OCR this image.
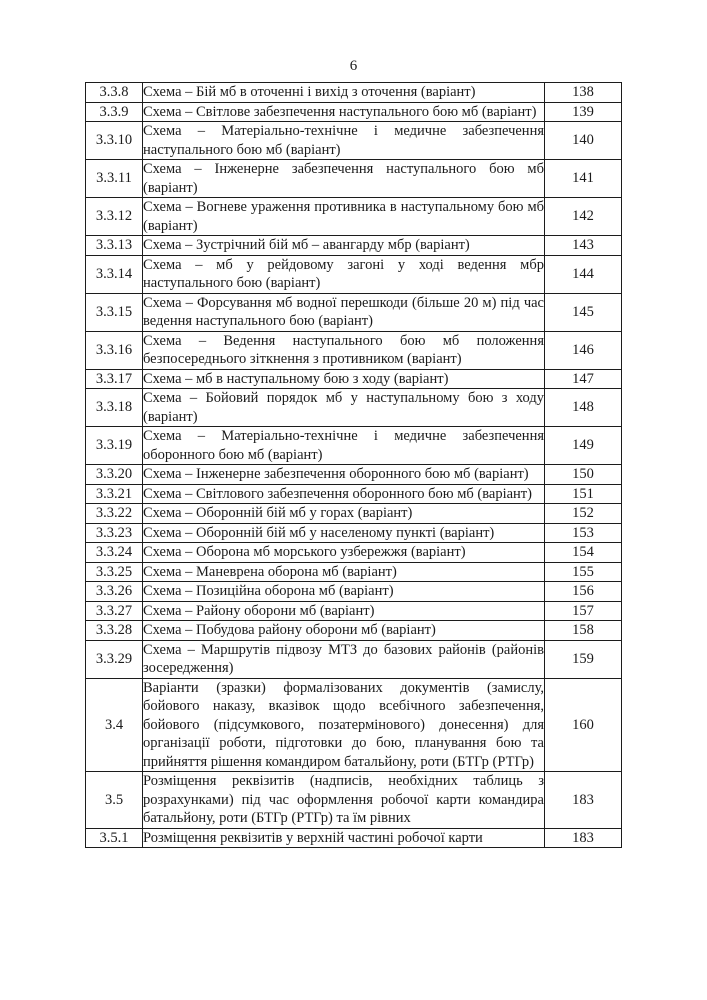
6
3.3.8	Схема – Бій мб в оточенні і вихід з оточення (варіант)	138
3.3.9	Схема – Світлове забезпечення наступального бою мб (варіант)	139
3.3.10	Схема – Матеріально-технічне і медичне забезпечення наступального бою мб (варіант)	140
3.3.11	Схема – Інженерне забезпечення наступального бою мб (варіант)	141
3.3.12	Схема – Вогневе ураження противника в наступальному бою мб (варіант)	142
3.3.13	Схема – Зустрічний бій мб – авангарду мбр (варіант)	143
3.3.14	Схема – мб у рейдовому загоні у ході ведення мбр наступального бою (варіант)	144
3.3.15	Схема – Форсування мб водної перешкоди (більше 20 м) під час ведення наступального бою (варіант)	145
3.3.16	Схема – Ведення наступального бою мб положення безпосереднього зіткнення з противником (варіант)	146
3.3.17	Схема – мб в наступальному бою з ходу (варіант)	147
3.3.18	Схема – Бойовий порядок мб у наступальному бою з ходу (варіант)	148
3.3.19	Схема – Матеріально-технічне і медичне забезпечення оборонного бою мб (варіант)	149
3.3.20	Схема – Інженерне забезпечення оборонного бою мб (варіант)	150
3.3.21	Схема – Світлового забезпечення оборонного бою мб (варіант)	151
3.3.22	Схема – Оборонній бій мб у горах (варіант)	152
3.3.23	Схема – Оборонній бій мб у населеному пункті (варіант)	153
3.3.24	Схема – Оборона мб морського узбережжя (варіант)	154
3.3.25	Схема – Маневрена оборона мб (варіант)	155
3.3.26	Схема – Позиційна оборона мб (варіант)	156
3.3.27	Схема – Району оборони мб (варіант)	157
3.3.28	Схема – Побудова району оборони мб (варіант)	158
3.3.29	Схема – Маршрутів підвозу МТЗ до базових районів (районів зосередження)	159
3.4	Варіанти (зразки) формалізованих документів (замислу, бойового наказу, вказівок щодо всебічного забезпечення, бойового (підсумкового, позатермінового) донесення) для організації роботи, підготовки до бою, планування бою та прийняття рішення командиром батальйону, роти (БТГр (РТГр)	160
3.5	Розміщення реквізитів (надписів, необхідних таблиць з розрахунками) під час оформлення робочої карти командира батальйону, роти (БТГр (РТГр) та їм рівних	183
3.5.1	Розміщення реквізитів у верхній частині робочої карти	183
